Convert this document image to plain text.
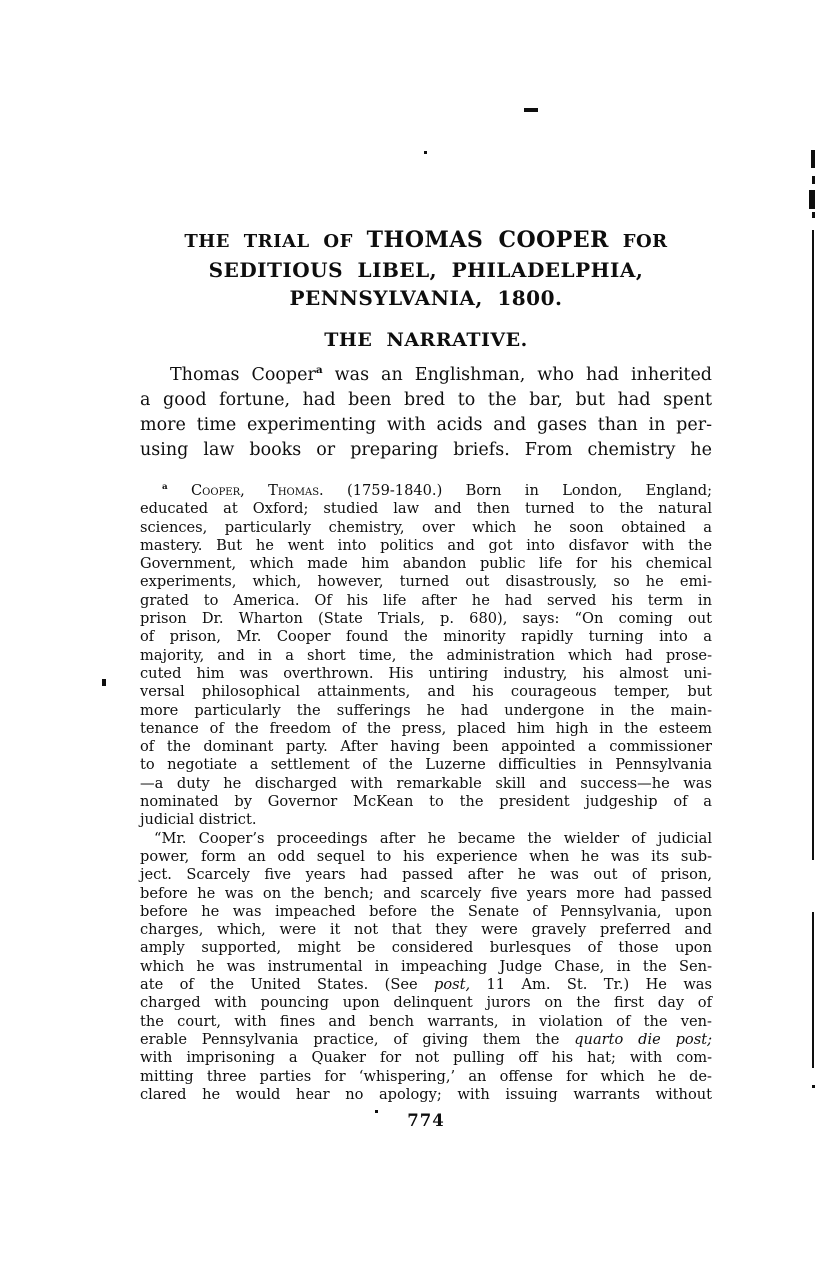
THE TRIAL OF THOMAS COOPER FOR
SEDITIOUS LIBEL, PHILADELPHIA,
PENNSYLVANIA, 1800.
THE NARRATIVE.
Thomas Cooper$^a$ was an Englishman, who had inherited
a good fortune, had been bred to the bar, but had spent
more time experimenting with acids and gases than in per-
using law books or preparing briefs. From chemistry he
$^a$ Cooper, Thomas. (1759-1840.) Born in London, England;
educated at Oxford; studied law and then turned to the natural
sciences, particularly chemistry, over which he soon obtained a
mastery. But he went into politics and got into disfavor with the
Government, which made him abandon public life for his chemical
experiments, which, however, turned out disastrously, so he emi-
grated to America. Of his life after he had served his term in
prison Dr. Wharton (State Trials, p. 680), says: “On coming out
of prison, Mr. Cooper found the minority rapidly turning into a
majority, and in a short time, the administration which had prose-
cuted him was overthrown. His untiring industry, his almost uni-
versal philosophical attainments, and his courageous temper, but
more particularly the sufferings he had undergone in the main-
tenance of the freedom of the press, placed him high in the esteem
of the dominant party. After having been appointed a commissioner
to negotiate a settlement of the Luzerne difficulties in Pennsylvania
—a duty he discharged with remarkable skill and success—he was
nominated by Governor McKean to the president judgeship of a
judicial district.
“Mr. Cooper’s proceedings after he became the wielder of judicial
power, form an odd sequel to his experience when he was its sub-
ject. Scarcely five years had passed after he was out of prison,
before he was on the bench; and scarcely five years more had passed
before he was impeached before the Senate of Pennsylvania, upon
charges, which, were it not that they were gravely preferred and
amply supported, might be considered burlesques of those upon
which he was instrumental in impeaching Judge Chase, in the Sen-
ate of the United States. (See post, 11 Am. St. Tr.) He was
charged with pouncing upon delinquent jurors on the first day of
the court, with fines and bench warrants, in violation of the ven-
erable Pennsylvania practice, of giving them the quarto die post;
with imprisoning a Quaker for not pulling off his hat; with com-
mitting three parties for ‘whispering,’ an offense for which he de-
clared he would hear no apology; with issuing warrants without
774
